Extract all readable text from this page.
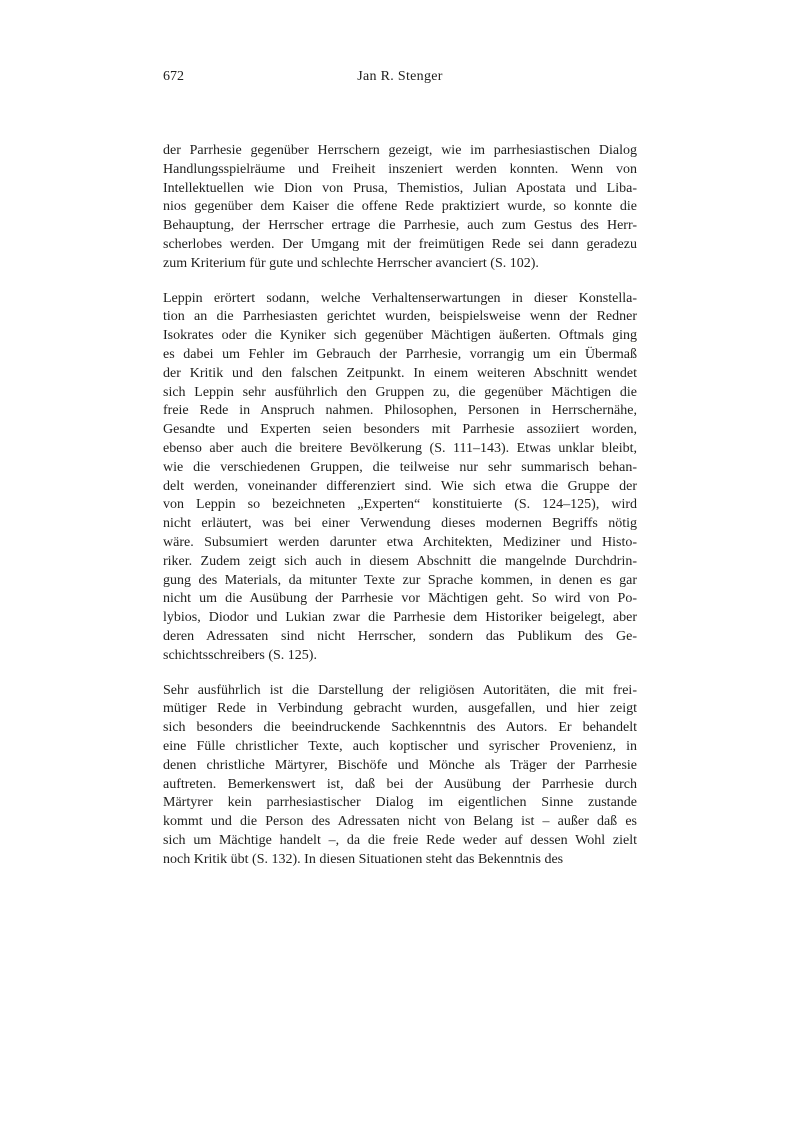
672	Jan R. Stenger
der Parrhesie gegenüber Herrschern gezeigt, wie im parrhesiastischen Dialog
Handlungsspielräume und Freiheit inszeniert werden konnten. Wenn von
Intellektuellen wie Dion von Prusa, Themistios, Julian Apostata und Liba-
nios gegenüber dem Kaiser die offene Rede praktiziert wurde, so konnte die
Behauptung, der Herrscher ertrage die Parrhesie, auch zum Gestus des Herr-
scherlobes werden. Der Umgang mit der freimütigen Rede sei dann geradezu
zum Kriterium für gute und schlechte Herrscher avanciert (S. 102).
Leppin erörtert sodann, welche Verhaltenserwartungen in dieser Konstella-
tion an die Parrhesiasten gerichtet wurden, beispielsweise wenn der Redner
Isokrates oder die Kyniker sich gegenüber Mächtigen äußerten. Oftmals ging
es dabei um Fehler im Gebrauch der Parrhesie, vorrangig um ein Übermaß
der Kritik und den falschen Zeitpunkt. In einem weiteren Abschnitt wendet
sich Leppin sehr ausführlich den Gruppen zu, die gegenüber Mächtigen die
freie Rede in Anspruch nahmen. Philosophen, Personen in Herrschernähe,
Gesandte und Experten seien besonders mit Parrhesie assoziiert worden,
ebenso aber auch die breitere Bevölkerung (S. 111–143). Etwas unklar bleibt,
wie die verschiedenen Gruppen, die teilweise nur sehr summarisch behan-
delt werden, voneinander differenziert sind. Wie sich etwa die Gruppe der
von Leppin so bezeichneten „Experten“ konstituierte (S. 124–125), wird
nicht erläutert, was bei einer Verwendung dieses modernen Begriffs nötig
wäre. Subsumiert werden darunter etwa Architekten, Mediziner und Histo-
riker. Zudem zeigt sich auch in diesem Abschnitt die mangelnde Durchdrin-
gung des Materials, da mitunter Texte zur Sprache kommen, in denen es gar
nicht um die Ausübung der Parrhesie vor Mächtigen geht. So wird von Po-
lybios, Diodor und Lukian zwar die Parrhesie dem Historiker beigelegt, aber
deren Adressaten sind nicht Herrscher, sondern das Publikum des Ge-
schichtsschreibers (S. 125).
Sehr ausführlich ist die Darstellung der religiösen Autoritäten, die mit frei-
mütiger Rede in Verbindung gebracht wurden, ausgefallen, und hier zeigt
sich besonders die beeindruckende Sachkenntnis des Autors. Er behandelt
eine Fülle christlicher Texte, auch koptischer und syrischer Provenienz, in
denen christliche Märtyrer, Bischöfe und Mönche als Träger der Parrhesie
auftreten. Bemerkenswert ist, daß bei der Ausübung der Parrhesie durch
Märtyrer kein parrhesiastischer Dialog im eigentlichen Sinne zustande
kommt und die Person des Adressaten nicht von Belang ist – außer daß es
sich um Mächtige handelt –, da die freie Rede weder auf dessen Wohl zielt
noch Kritik übt (S. 132). In diesen Situationen steht das Bekenntnis des
